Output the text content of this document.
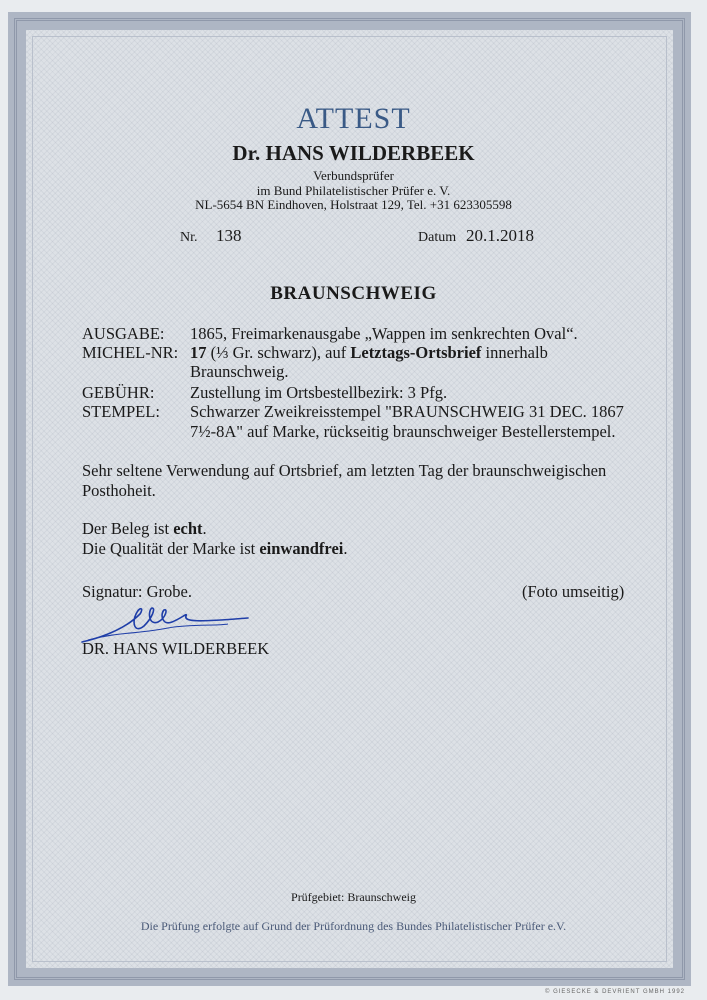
ATTEST
Dr. HANS WILDERBEEK
Verbundsprüfer
im Bund Philatelistischer Prüfer e. V.
NL-5654 BN Eindhoven, Holstraat 129, Tel. +31 623305598
Nr. 138	Datum 20.1.2018
BRAUNSCHWEIG
AUSGABE: 1865, Freimarkenausgabe „Wappen im senkrechten Oval“.
MICHEL-NR: 17 (⅓ Gr. schwarz), auf Letztags-Ortsbrief innerhalb
Braunschweig.
GEBÜHR: Zustellung im Ortsbestellbezirk: 3 Pfg.
STEMPEL: Schwarzer Zweikreisstempel "BRAUNSCHWEIG 31 DEC. 1867
7½-8A" auf Marke, rückseitig braunschweiger Bestellerstempel.
Sehr seltene Verwendung auf Ortsbrief, am letzten Tag der braunschweigischen
Posthoheit.
Der Beleg ist echt.
Die Qualität der Marke ist einwandfrei.
Signatur: Grobe.	(Foto umseitig)
DR. HANS WILDERBEEK
Prüfgebiet: Braunschweig
Die Prüfung erfolgte auf Grund der Prüfordnung des Bundes Philatelistischer Prüfer e.V.
© GIESECKE & DEVRIENT GMBH 1992
